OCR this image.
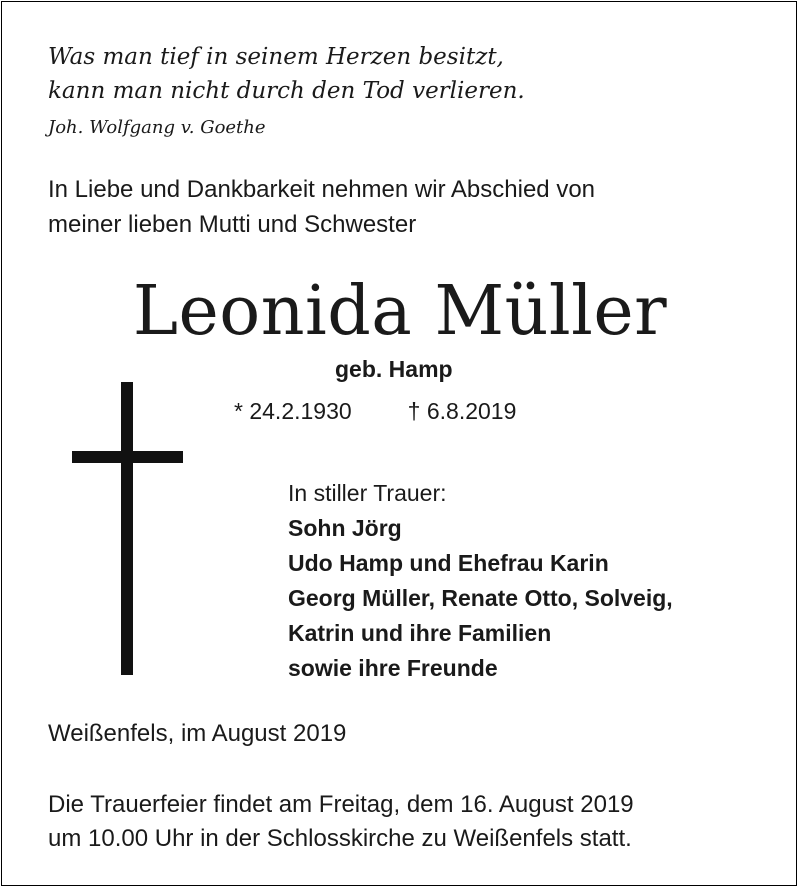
Was man tief in seinem Herzen besitzt,
kann man nicht durch den Tod verlieren.
Joh. Wolfgang v. Goethe
In Liebe und Dankbarkeit nehmen wir Abschied von
meiner lieben Mutti und Schwester
Leonida Müller
geb. Hamp
* 24.2.1930 † 6.8.2019
In stiller Trauer:
Sohn Jörg
Udo Hamp und Ehefrau Karin
Georg Müller, Renate Otto, Solveig,
Katrin und ihre Familien
sowie ihre Freunde
Weißenfels, im August 2019
Die Trauerfeier findet am Freitag, dem 16. August 2019
um 10.00 Uhr in der Schlosskirche zu Weißenfels statt.
